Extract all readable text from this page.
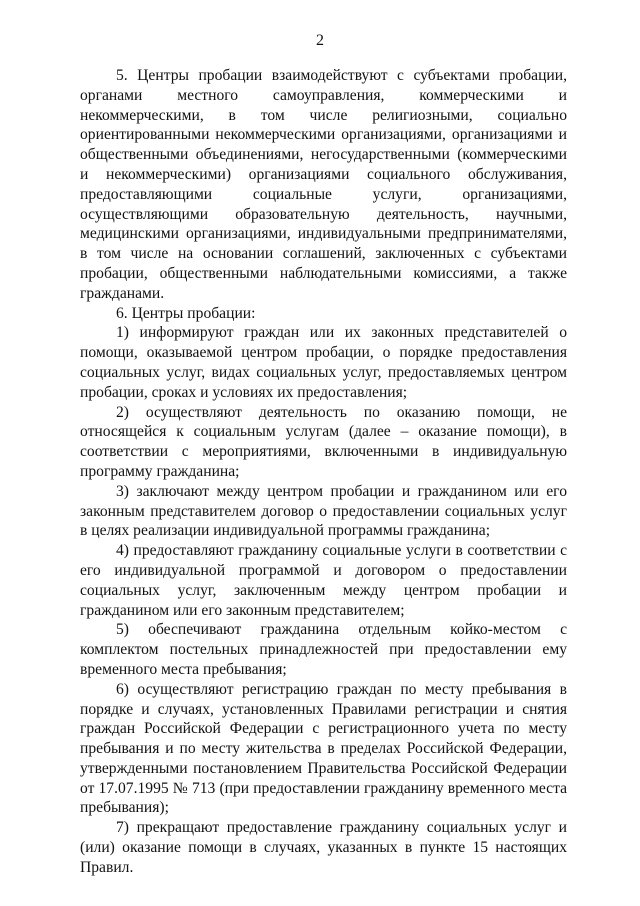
2

5. Центры пробации взаимодействуют с субъектами пробации, органами местного самоуправления, коммерческими и некоммерческими, в том числе религиозными, социально ориентированными некоммерческими организациями, организациями и общественными объединениями, негосударственными (коммерческими и некоммерческими) организациями социального обслуживания, предоставляющими социальные услуги, организациями, осуществляющими образовательную деятельность, научными, медицинскими организациями, индивидуальными предпринимателями, в том числе на основании соглашений, заключенных с субъектами пробации, общественными наблюдательными комиссиями, а также гражданами.

6. Центры пробации:

1) информируют граждан или их законных представителей о помощи, оказываемой центром пробации, о порядке предоставления социальных услуг, видах социальных услуг, предоставляемых центром пробации, сроках и условиях их предоставления;

2) осуществляют деятельность по оказанию помощи, не относящейся к социальным услугам (далее – оказание помощи), в соответствии с мероприятиями, включенными в индивидуальную программу гражданина;

3) заключают между центром пробации и гражданином или его законным представителем договор о предоставлении социальных услуг в целях реализации индивидуальной программы гражданина;

4) предоставляют гражданину социальные услуги в соответствии с его индивидуальной программой и договором о предоставлении социальных услуг, заключенным между центром пробации и гражданином или его законным представителем;

5) обеспечивают гражданина отдельным койко-местом с комплектом постельных принадлежностей при предоставлении ему временного места пребывания;

6) осуществляют регистрацию граждан по месту пребывания в порядке и случаях, установленных Правилами регистрации и снятия граждан Российской Федерации с регистрационного учета по месту пребывания и по месту жительства в пределах Российской Федерации, утвержденными постановлением Правительства Российской Федерации от 17.07.1995 № 713 (при предоставлении гражданину временного места пребывания);

7) прекращают предоставление гражданину социальных услуг и (или) оказание помощи в случаях, указанных в пункте 15 настоящих Правил.
